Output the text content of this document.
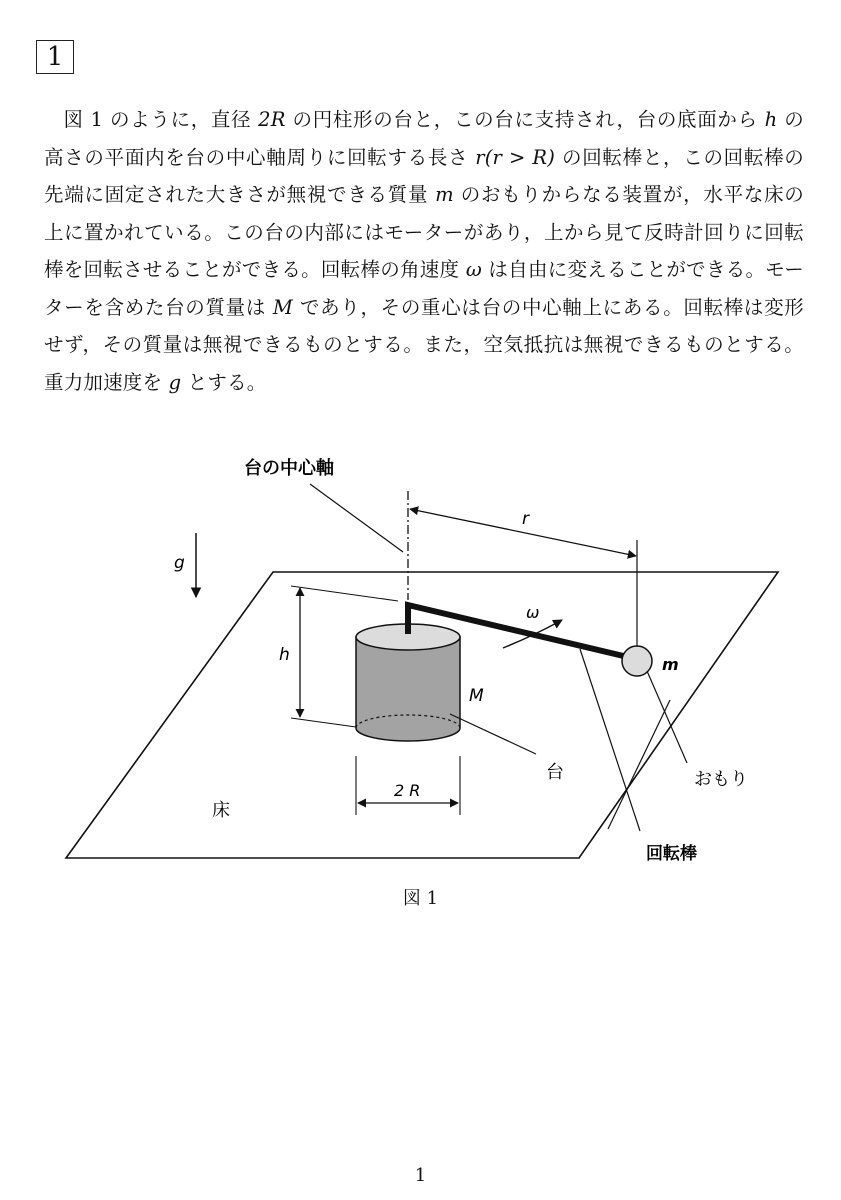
1
図 1 のように，直径 2R の円柱形の台と，この台に支持され，台の底面から h の高さの平面内を台の中心軸周りに回転する長さ r(r > R) の回転棒と，この回転棒の先端に固定された大きさが無視できる質量 m のおもりからなる装置が，水平な床の上に置かれている。この台の内部にはモーターがあり，上から見て反時計回りに回転棒を回転させることができる。回転棒の角速度 ω は自由に変えることができる。モーターを含めた台の質量は M であり，その重心は台の中心軸上にある。回転棒は変形せず，その質量は無視できるものとする。また，空気抵抗は無視できるものとする。重力加速度を g とする。
r
g
h
ω
m
M
台	おもり
回転棒
2 R
床
台の中心軸
図 1
1
